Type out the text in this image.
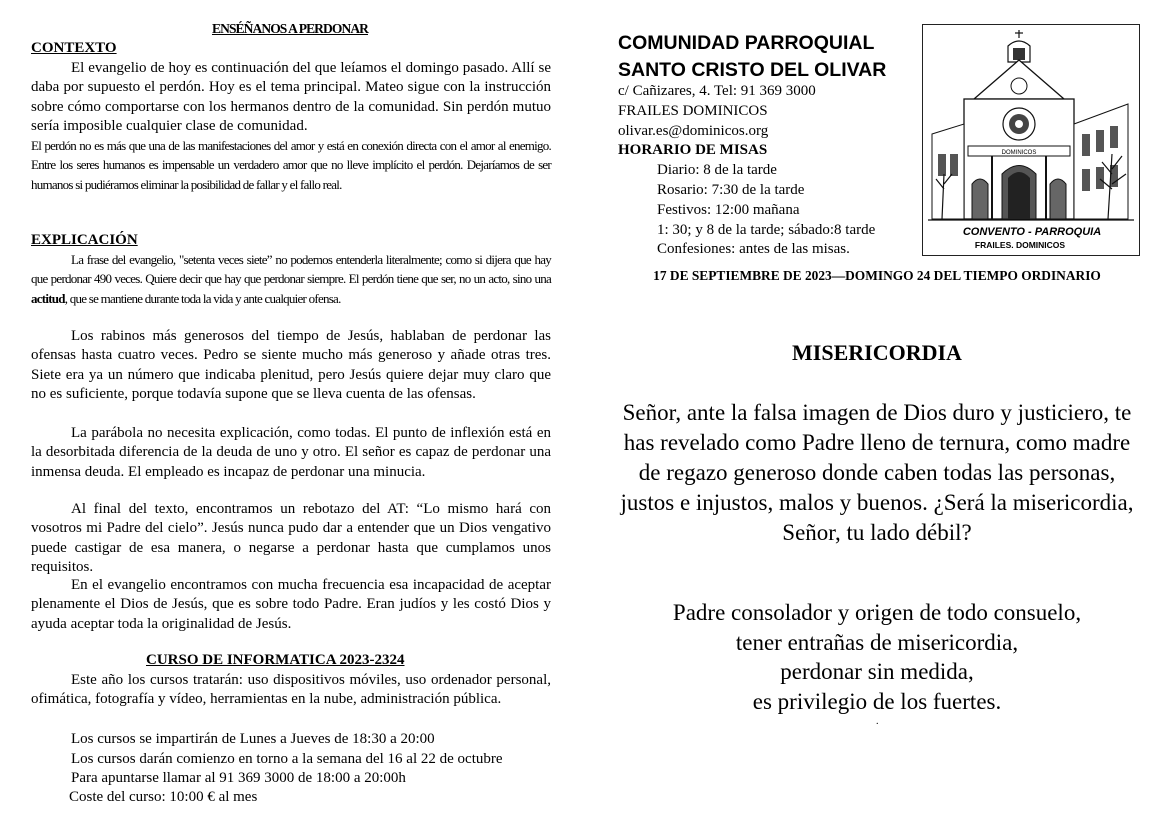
ENSÉÑANOS A PERDONAR
CONTEXTO

El evangelio de hoy es continuación del que leíamos el domingo pasado. Allí se daba por supuesto el perdón. Hoy es el tema principal. Mateo sigue con la instrucción sobre cómo comportarse con los hermanos dentro de la comunidad. Sin perdón mutuo sería imposible cualquier clase de comunidad.

El perdón no es más que una de las manifestaciones del amor y está en conexión directa con el amor al enemigo. Entre los seres humanos es impensable un verdadero amor que no lleve implícito el perdón. Dejaríamos de ser humanos si pudiéramos eliminar la posibilidad de fallar y el fallo real.

EXPLICACIÓN

La frase del evangelio, "setenta veces siete” no podemos entenderla literalmente; como si dijera que hay que perdonar 490 veces. Quiere decir que hay que perdonar siempre. El perdón tiene que ser, no un acto, sino una actitud, que se mantiene durante toda la vida y ante cualquier ofensa.

Los rabinos más generosos del tiempo de Jesús, hablaban de perdonar las ofensas hasta cuatro veces. Pedro se siente mucho más generoso y añade otras tres. Siete era ya un número que indicaba plenitud, pero Jesús quiere dejar muy claro que no es suficiente, porque todavía supone que se lleva cuenta de las ofensas.

La parábola no necesita explicación, como todas. El punto de inflexión está en la desorbitada diferencia de la deuda de uno y otro. El señor es capaz de perdonar una inmensa deuda. El empleado es incapaz de perdonar una minucia.

Al final del texto, encontramos un rebotazo del AT: “Lo mismo hará con vosotros mi Padre del cielo”. Jesús nunca pudo dar a entender que un Dios vengativo puede castigar de esa manera, o negarse a perdonar hasta que cumplamos unos requisitos.

En el evangelio encontramos con mucha frecuencia esa incapacidad de aceptar plenamente el Dios de Jesús, que es sobre todo Padre. Eran judíos y les costó Dios y ayuda aceptar toda la originalidad de Jesús.

CURSO DE INFORMATICA 2023-2324

Este año los cursos tratarán: uso dispositivos móviles, uso ordenador personal, ofimática, fotografía y vídeo, herramientas en la nube, administración pública.

Los cursos se impartirán de Lunes a Jueves de 18:30 a 20:00
Los cursos darán comienzo en torno a la semana del 16 al 22 de octubre
Para apuntarse llamar al 91 369 3000 de 18:00 a 20:00h
Coste del curso: 10:00 € al mes
COMUNIDAD PARROQUIAL
SANTO CRISTO DEL OLIVAR
c/ Cañizares, 4. Tel: 91 369 3000
FRAILES DOMINICOS
olivar.es@dominicos.org
HORARIO DE MISAS
Diario: 8 de la tarde
Rosario: 7:30 de la tarde
Festivos: 12:00 mañana
1: 30; y 8 de la tarde; sábado:8 tarde
Confesiones: antes de las misas.
CONVENTO - PARROQUIA
FRAILES. DOMINICOS
DOMINICOS
17 DE SEPTIEMBRE DE 2023—DOMINGO 24 DEL TIEMPO ORDINARIO
MISERICORDIA

Señor, ante la falsa imagen de Dios duro y justiciero, te has revelado como Padre lleno de ternura, como madre de regazo generoso donde caben todas las personas, justos e injustos, malos y buenos. ¿Será la misericordia, Señor, tu lado débil?

Padre consolador y origen de todo consuelo,
tener entrañas de misericordia,
perdonar sin medida,
es privilegio de los fuertes.
.
